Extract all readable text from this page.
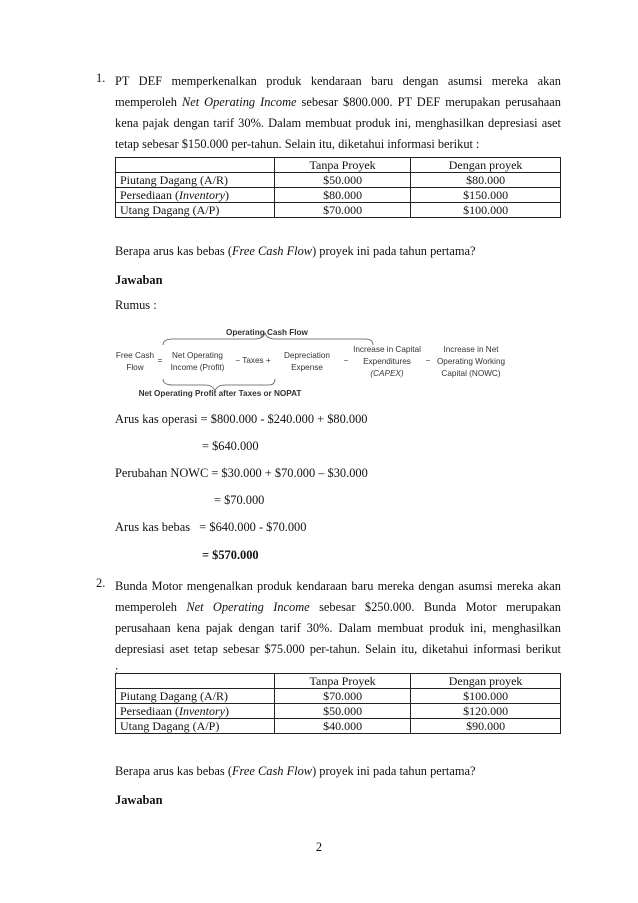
1. PT DEF memperkenalkan produk kendaraan baru dengan asumsi mereka akan

memperoleh Net Operating Income sebesar $800.000. PT DEF merupakan perusahaan

kena pajak dengan tarif 30%. Dalam membuat produk ini, menghasilkan depresiasi aset

tetap sebesar $150.000 per-tahun. Selain itu, diketahui informasi berikut :

	Tanpa Proyek	Dengan proyek
Piutang Dagang (A/R)	$50.000	$80.000
Persediaan (Inventory)	$80.000	$150.000
Utang Dagang (A/P)	$70.000	$100.000
Berapa arus kas bebas (Free Cash Flow) proyek ini pada tahun pertama?
Jawaban
Rumus :
Operating Cash Flow
Free Cash
Flow
=
Net Operating
Income (Profit)
− Taxes +
Depreciation
Expense
−
Increase in Capital
Expenditures
(CAPEX)
−
Increase in Net
Operating Working
Capital (NOWC)
Net Operating Profit after Taxes or NOPAT
Arus kas operasi = $800.000 - $240.000 + $80.000
= $640.000
Perubahan NOWC = $30.000 + $70.000 – $30.000
= $70.000
Arus kas bebas   = $640.000 - $70.000
= $570.000
2. Bunda Motor mengenalkan produk kendaraan baru mereka dengan asumsi mereka akan

memperoleh Net Operating Income sebesar $250.000. Bunda Motor merupakan

perusahaan kena pajak dengan tarif 30%. Dalam membuat produk ini, menghasilkan

depresiasi aset tetap sebesar $75.000 per-tahun. Selain itu, diketahui informasi berikut

:

	Tanpa Proyek	Dengan proyek
Piutang Dagang (A/R)	$70.000	$100.000
Persediaan (Inventory)	$50.000	$120.000
Utang Dagang (A/P)	$40.000	$90.000
Berapa arus kas bebas (Free Cash Flow) proyek ini pada tahun pertama?
Jawaban
2
